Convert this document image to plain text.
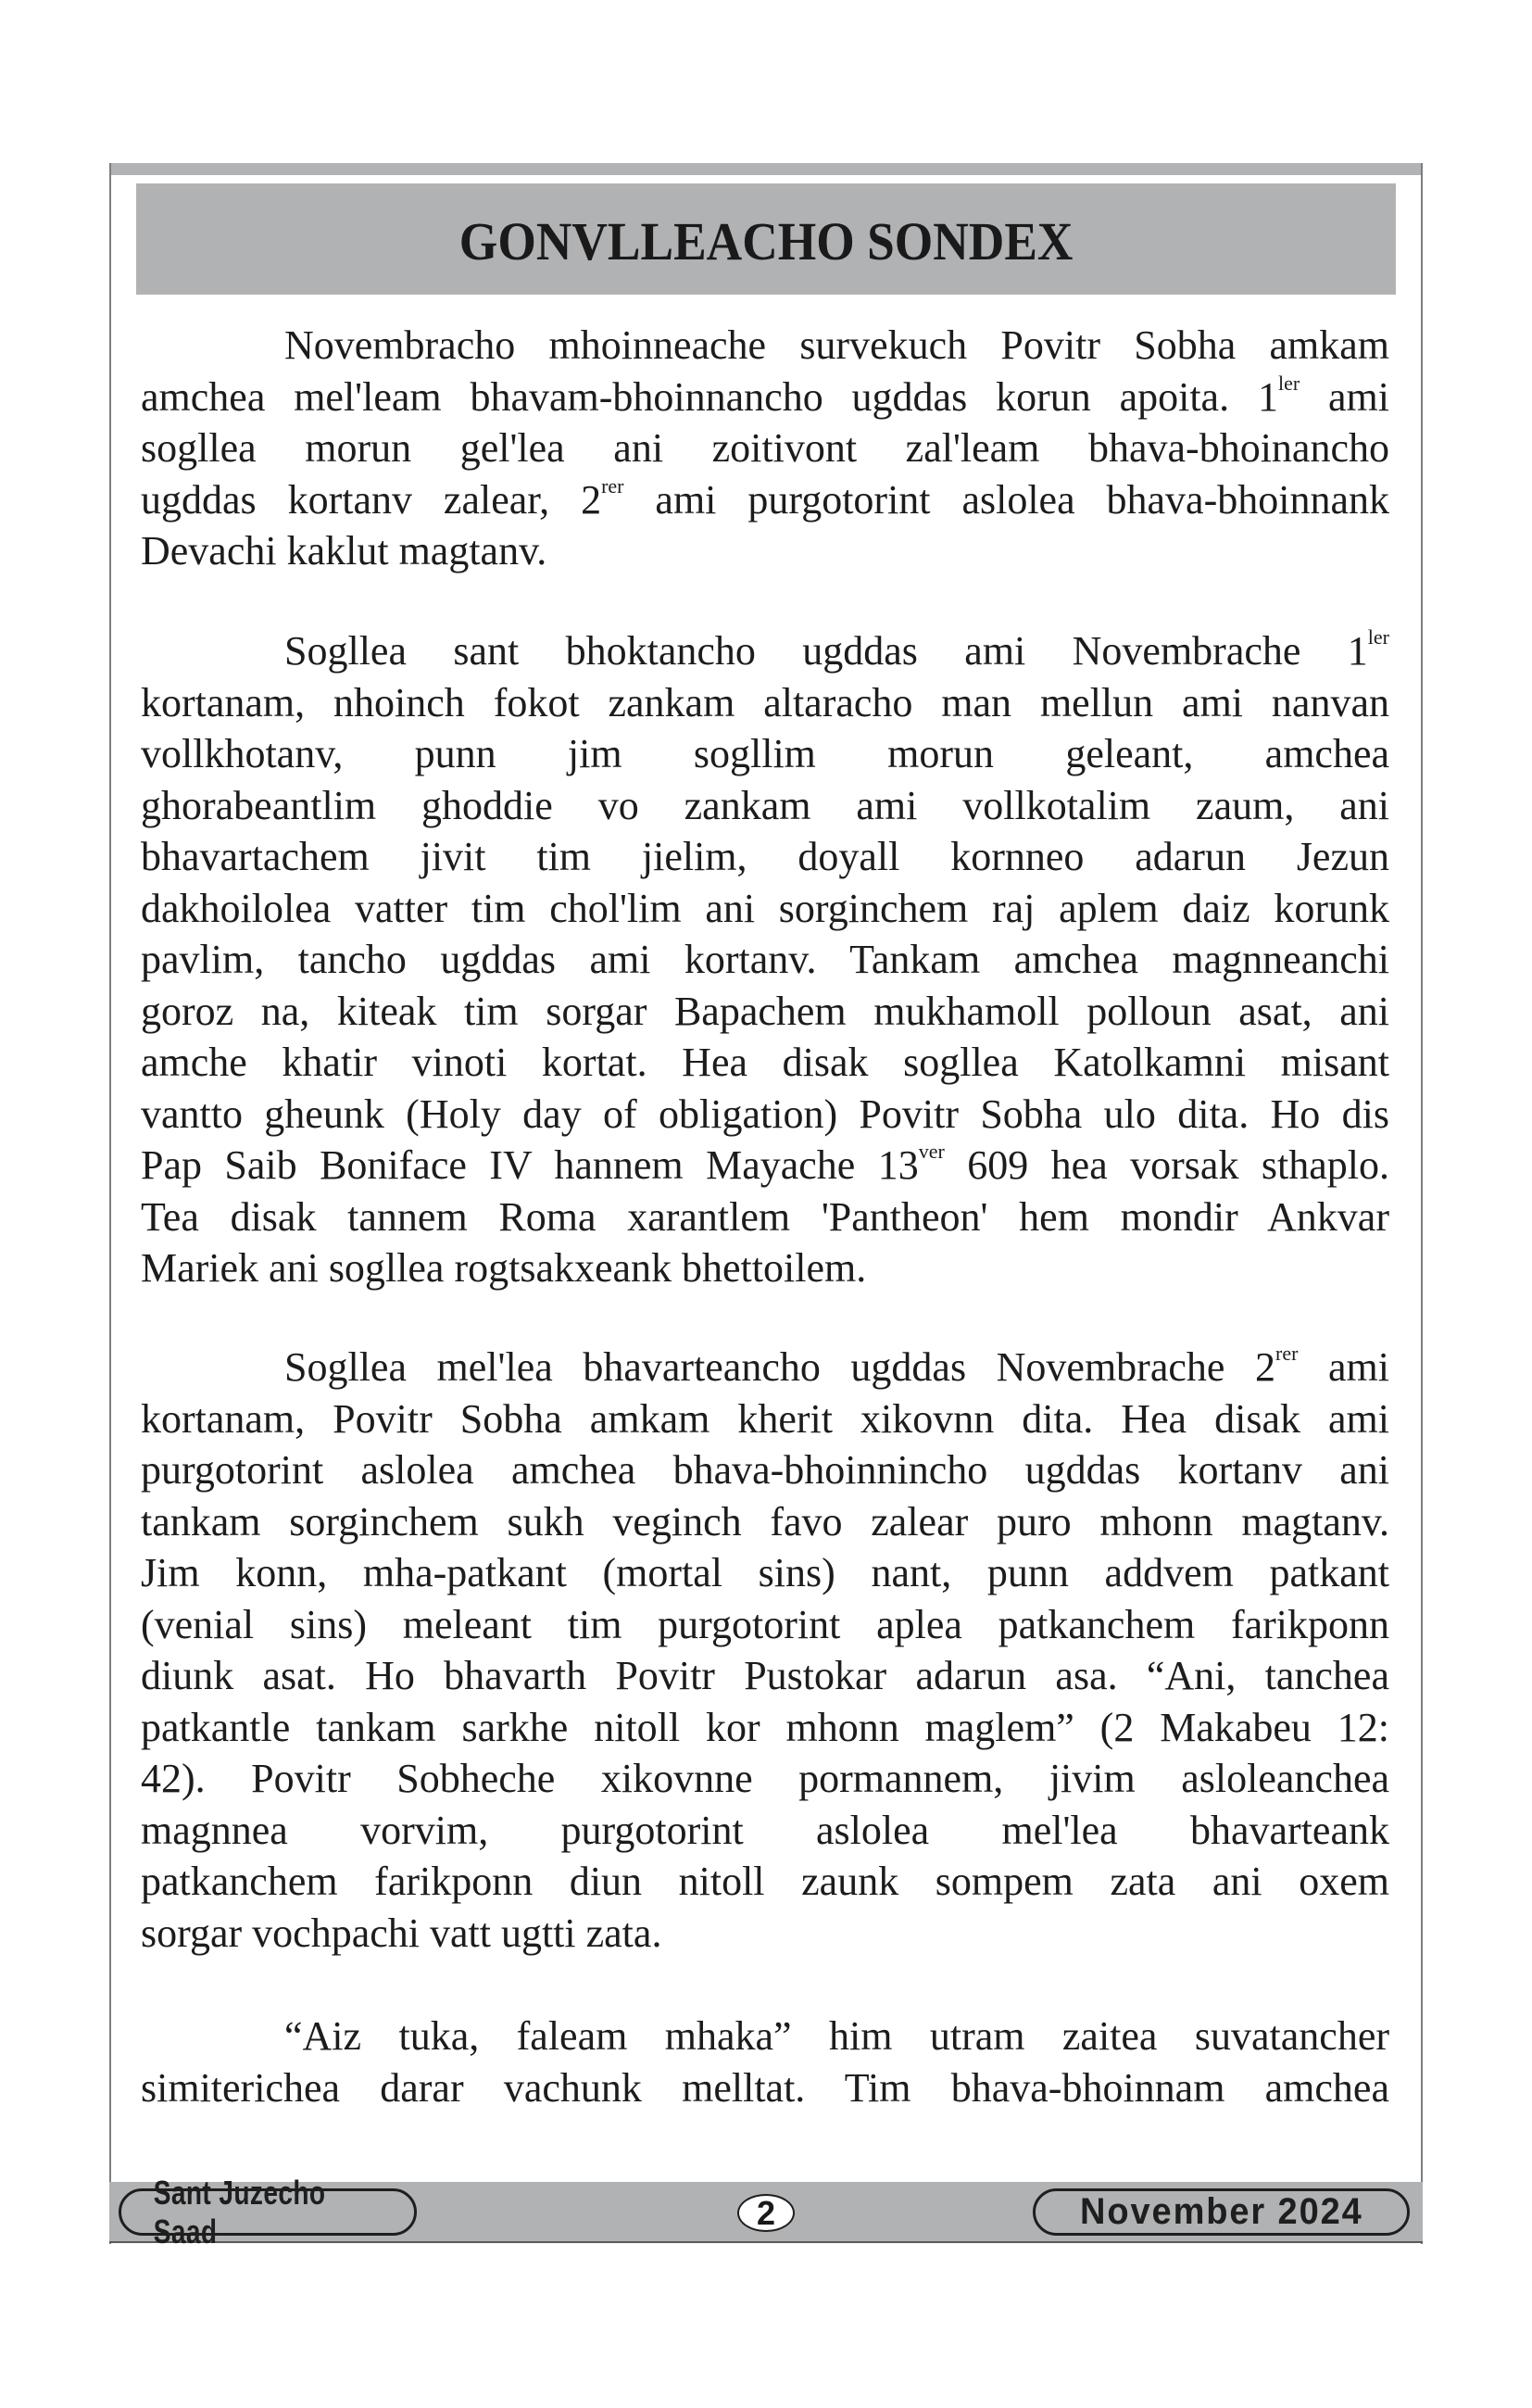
GONVLLEACHO SONDEX
Novembracho mhoinneache survekuch Povitr Sobha amkam
amchea mel'leam bhavam-bhoinnancho ugddas korun apoita. $1^{ler}$ ami
sogllea morun gel'lea ani zoitivont zal'leam bhava-bhoinancho
ugddas kortanv zalear, $2^{rer}$ ami purgotorint aslolea bhava-bhoinnank
Devachi kaklut magtanv.
Sogllea sant bhoktancho ugddas ami Novembrache $1^{ler}$
kortanam, nhoinch fokot zankam altaracho man mellun ami nanvan
vollkhotanv, punn jim sogllim morun geleant, amchea
ghorabeantlim ghoddie vo zankam ami vollkotalim zaum, ani
bhavartachem jivit tim jielim, doyall kornneo adarun Jezun
dakhoilolea vatter tim chol'lim ani sorginchem raj aplem daiz korunk
pavlim, tancho ugddas ami kortanv. Tankam amchea magnneanchi
goroz na, kiteak tim sorgar Bapachem mukhamoll polloun asat, ani
amche khatir vinoti kortat. Hea disak sogllea Katolkamni misant
vantto gheunk (Holy day of obligation) Povitr Sobha ulo dita. Ho dis
Pap Saib Boniface IV hannem Mayache $13^{ver}$ 609 hea vorsak sthaplo.
Tea disak tannem Roma xarantlem 'Pantheon' hem mondir Ankvar
Mariek ani sogllea rogtsakxeank bhettoilem.
Sogllea mel'lea bhavarteancho ugddas Novembrache $2^{rer}$ ami
kortanam, Povitr Sobha amkam kherit xikovnn dita. Hea disak ami
purgotorint aslolea amchea bhava-bhoinnincho ugddas kortanv ani
tankam sorginchem sukh veginch favo zalear puro mhonn magtanv.
Jim konn, mha-patkant (mortal sins) nant, punn addvem patkant
(venial sins) meleant tim purgotorint aplea patkanchem farikponn
diunk asat. Ho bhavarth Povitr Pustokar adarun asa. “Ani, tanchea
patkantle tankam sarkhe nitoll kor mhonn maglem” (2 Makabeu 12:
42). Povitr Sobheche xikovnne pormannem, jivim asloleanchea
magnnea vorvim, purgotorint aslolea mel'lea bhavarteank
patkanchem farikponn diun nitoll zaunk sompem zata ani oxem
sorgar vochpachi vatt ugtti zata.
“Aiz tuka, faleam mhaka” him utram zaitea suvatancher
simiterichea darar vachunk melltat. Tim bhava-bhoinnam amchea
Sant Juzecho Saad	2	November 2024
